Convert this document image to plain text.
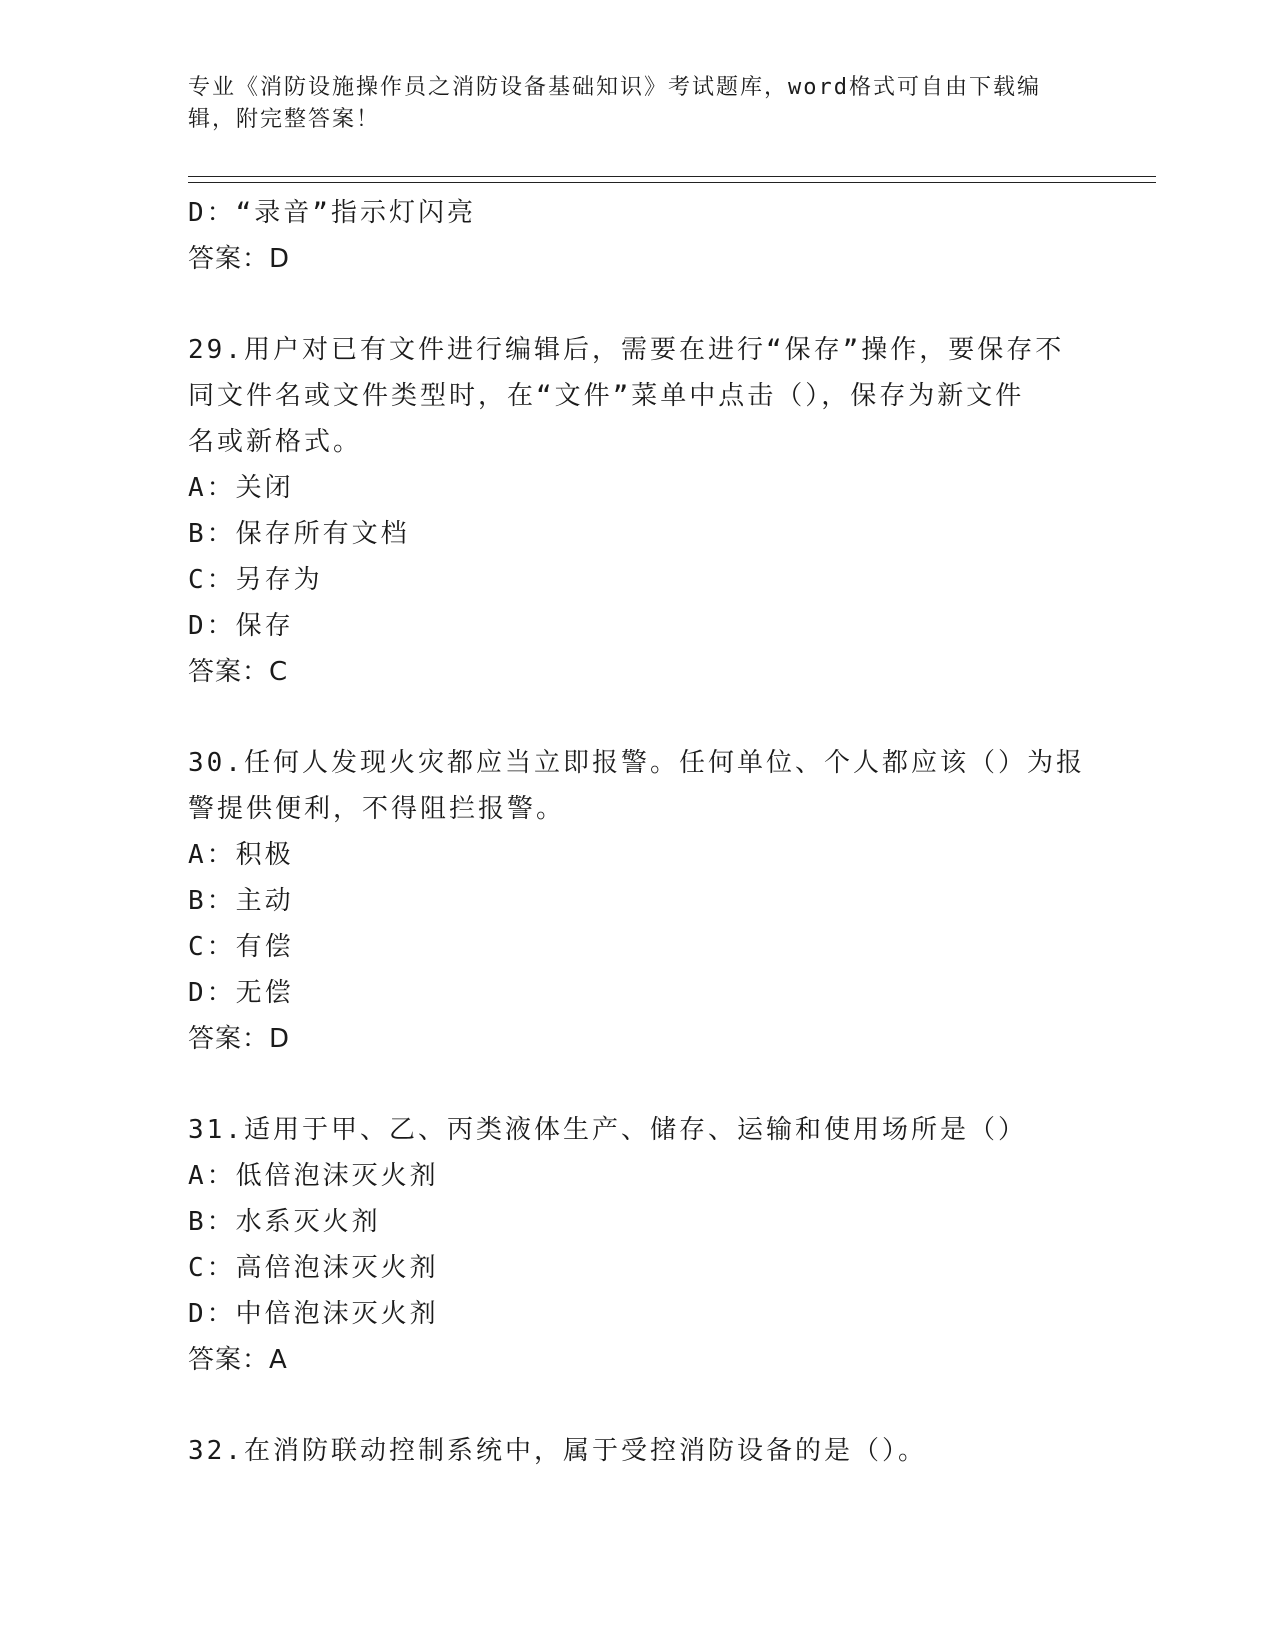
专业《消防设施操作员之消防设备基础知识》考试题库，word格式可自由下载编
辑，附完整答案！
D：“录音”指示灯闪亮
答案：D
29.用户对已有文件进行编辑后，需要在进行“保存”操作，要保存不
同文件名或文件类型时，在“文件”菜单中点击（），保存为新文件
名或新格式。
A：关闭
B：保存所有文档
C：另存为
D：保存
答案：C
30.任何人发现火灾都应当立即报警。任何单位、个人都应该（）为报
警提供便利，不得阻拦报警。
A：积极
B：主动
C：有偿
D：无偿
答案：D
31.适用于甲、乙、丙类液体生产、储存、运输和使用场所是（）
A：低倍泡沫灭火剂
B：水系灭火剂
C：高倍泡沫灭火剂
D：中倍泡沫灭火剂
答案：A
32.在消防联动控制系统中，属于受控消防设备的是（）。
